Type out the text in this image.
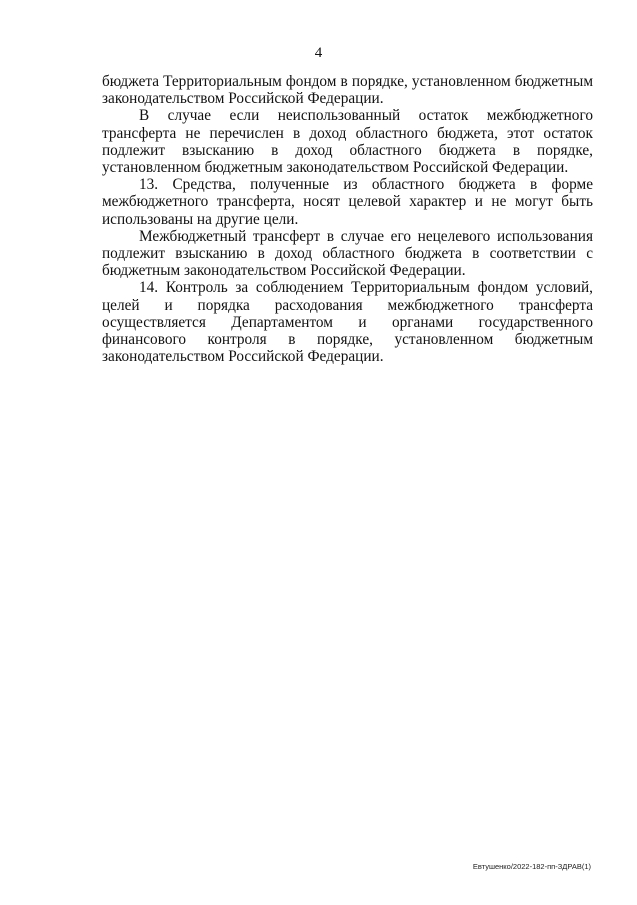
4

бюджета Территориальным фондом в порядке, установленном бюджетным законодательством Российской Федерации.

В случае если неиспользованный остаток межбюджетного трансферта не перечислен в доход областного бюджета, этот остаток подлежит взысканию в доход областного бюджета в порядке, установленном бюджетным законодательством Российской Федерации.

13. Средства, полученные из областного бюджета в форме межбюджетного трансферта, носят целевой характер и не могут быть использованы на другие цели.

Межбюджетный трансферт в случае его нецелевого использования подлежит взысканию в доход областного бюджета в соответствии с бюджетным законодательством Российской Федерации.

14. Контроль за соблюдением Территориальным фондом условий, целей и порядка расходования межбюджетного трансферта осуществляется Департаментом и органами государственного финансового контроля в порядке, установленном бюджетным законодательством Российской Федерации.

Евтушенко/2022-182-пп-ЗДРАВ(1)
